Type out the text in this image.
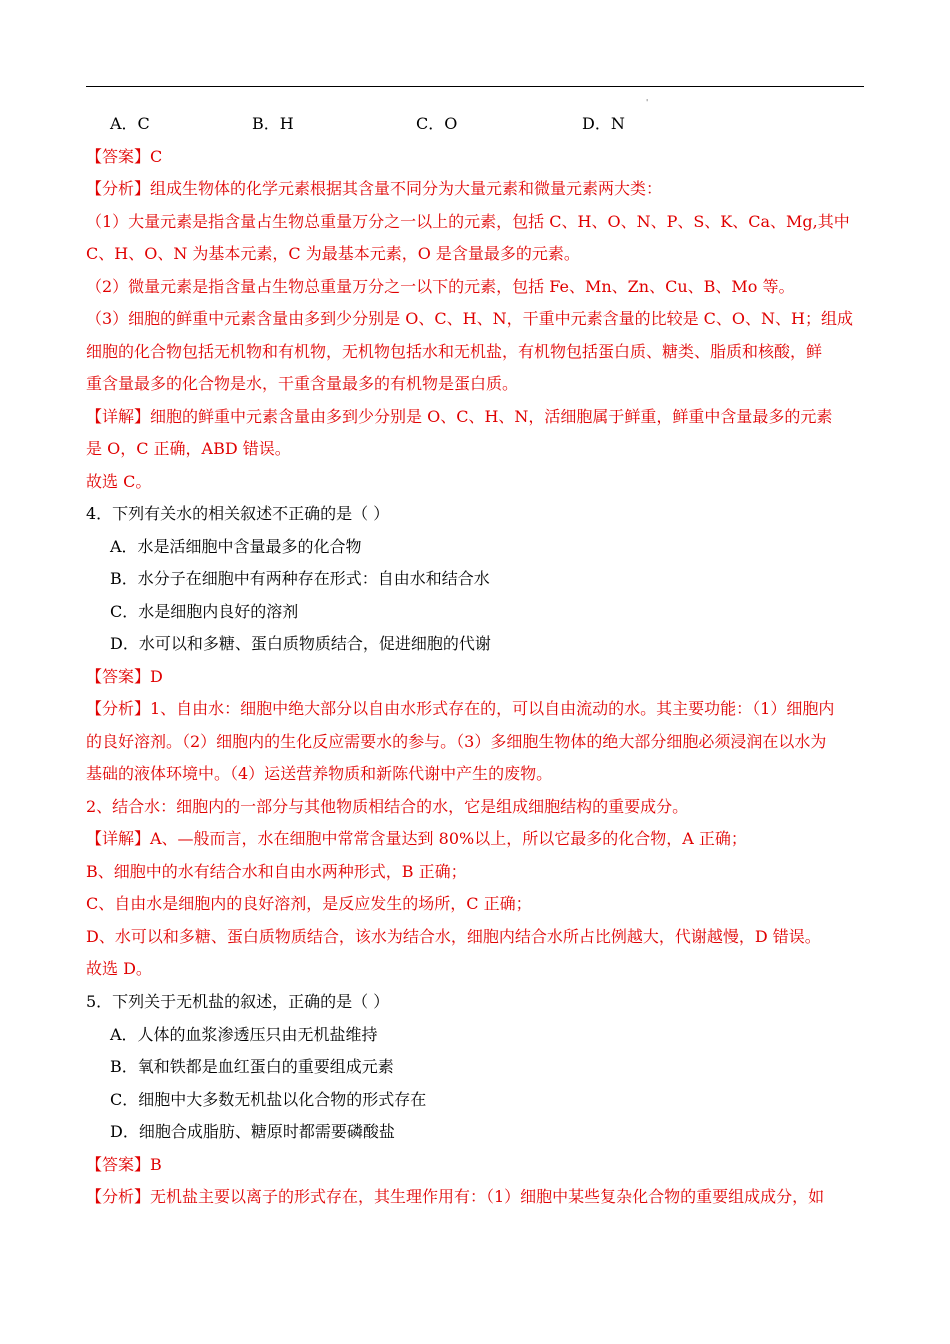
'
A．C	B．H	C．O	D．N
【答案】C
【分析】组成生物体的化学元素根据其含量不同分为大量元素和微量元素两大类：
（1）大量元素是指含量占生物总重量万分之一以上的元素，包括 C、H、O、N、P、S、K、Ca、Mg,其中
C、H、O、N 为基本元素，C 为最基本元素，O 是含量最多的元素。
（2）微量元素是指含量占生物总重量万分之一以下的元素，包括 Fe、Mn、Zn、Cu、B、Mo 等。
（3）细胞的鲜重中元素含量由多到少分别是 O、C、H、N，干重中元素含量的比较是 C、O、N、H；组成
细胞的化合物包括无机物和有机物，无机物包括水和无机盐，有机物包括蛋白质、糖类、脂质和核酸，鲜
重含量最多的化合物是水，干重含量最多的有机物是蛋白质。
【详解】细胞的鲜重中元素含量由多到少分别是 O、C、H、N，活细胞属于鲜重，鲜重中含量最多的元素
是 O，C 正确，ABD 错误。
故选 C。
4．下列有关水的相关叙述不正确的是（ ）
A．水是活细胞中含量最多的化合物
B．水分子在细胞中有两种存在形式：自由水和结合水
C．水是细胞内良好的溶剂
D．水可以和多糖、蛋白质物质结合，促进细胞的代谢
【答案】D
【分析】1、自由水：细胞中绝大部分以自由水形式存在的，可以自由流动的水。其主要功能：（1）细胞内
的良好溶剂。（2）细胞内的生化反应需要水的参与。（3）多细胞生物体的绝大部分细胞必须浸润在以水为
基础的液体环境中。（4）运送营养物质和新陈代谢中产生的废物。
2、结合水：细胞内的一部分与其他物质相结合的水，它是组成细胞结构的重要成分。
【详解】A、—般而言，水在细胞中常常含量达到 80%以上，所以它最多的化合物，A 正确；
B、细胞中的水有结合水和自由水两种形式，B 正确；
C、自由水是细胞内的良好溶剂，是反应发生的场所，C 正确；
D、水可以和多糖、蛋白质物质结合，该水为结合水，细胞内结合水所占比例越大，代谢越慢，D 错误。
故选 D。
5．下列关于无机盐的叙述，正确的是（ ）
A．人体的血浆渗透压只由无机盐维持
B．氧和铁都是血红蛋白的重要组成元素
C．细胞中大多数无机盐以化合物的形式存在
D．细胞合成脂肪、糖原时都需要磷酸盐
【答案】B
【分析】无机盐主要以离子的形式存在，其生理作用有：（1）细胞中某些复杂化合物的重要组成成分，如
